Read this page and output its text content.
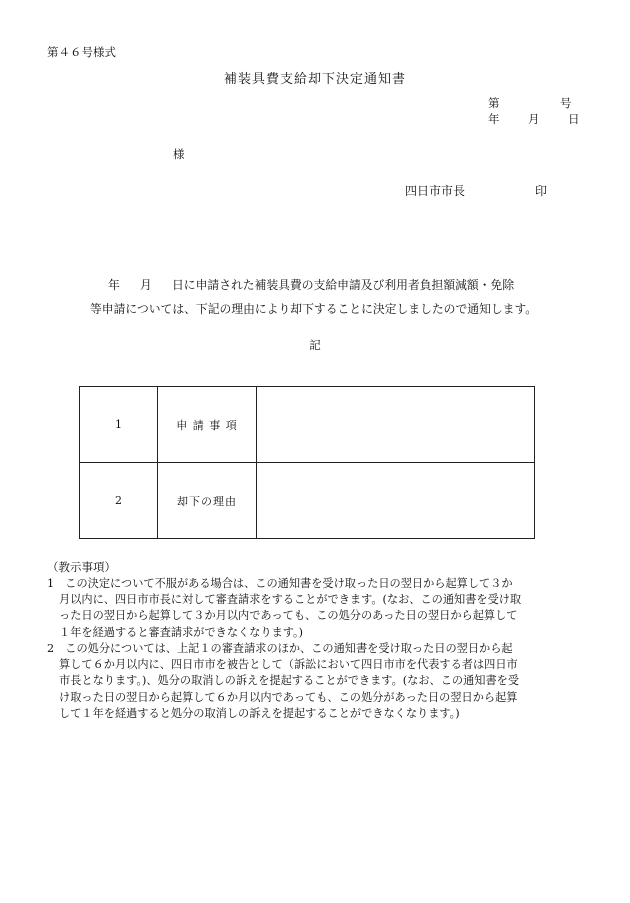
第４６号様式
補装具費支給却下決定通知書
第	号
年 月 日
様
四日市市長	印
年 月 日に申請された補装具費の支給申請及び利用者負担額減額・免除
等申請については、下記の理由により却下することに決定しましたので通知します。
記
1	申 請 事 項	
2	却下の理由	
（教示事項）

1　この決定について不服がある場合は、この通知書を受け取った日の翌日から起算して３か

月以内に、四日市市長に対して審査請求をすることができます。(なお、この通知書を受け取

った日の翌日から起算して３か月以内であっても、この処分のあった日の翌日から起算して

１年を経過すると審査請求ができなくなります。)

2　この処分については、上記１の審査請求のほか、この通知書を受け取った日の翌日から起

算して６か月以内に、四日市市を被告として（訴訟において四日市市を代表する者は四日市

市長となります。)、処分の取消しの訴えを提起することができます。(なお、この通知書を受

け取った日の翌日から起算して６か月以内であっても、この処分があった日の翌日から起算

して１年を経過すると処分の取消しの訴えを提起することができなくなります。)
